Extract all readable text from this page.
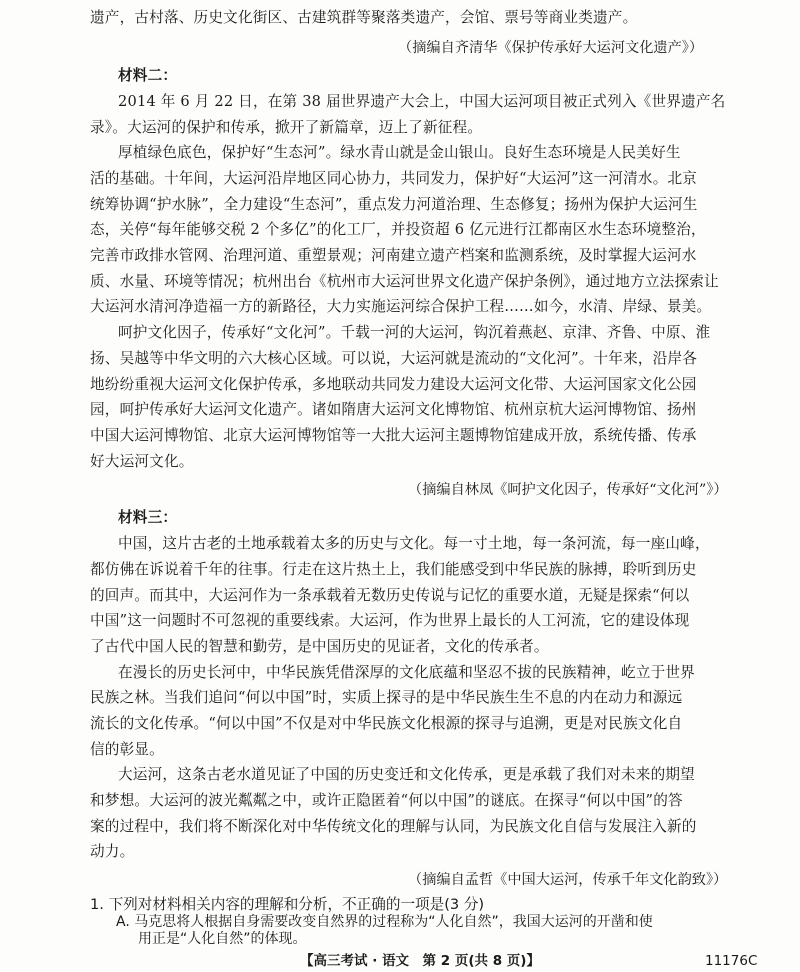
遗产，古村落、历史文化街区、古建筑群等聚落类遗产，会馆、票号等商业类遗产。
（摘编自齐清华《保护传承好大运河文化遗产》）
材料二：
2014 年 6 月 22 日，在第 38 届世界遗产大会上，中国大运河项目被正式列入《世界遗产名
录》。大运河的保护和传承，掀开了新篇章，迈上了新征程。
厚植绿色底色，保护好“生态河”。绿水青山就是金山银山。良好生态环境是人民美好生
活的基础。十年间，大运河沿岸地区同心协力，共同发力，保护好“大运河”这一河清水。北京
统筹协调“护水脉”，全力建设“生态河”，重点发力河道治理、生态修复；扬州为保护大运河生
态，关停“每年能够交税 2 个多亿”的化工厂，并投资超 6 亿元进行江都南区水生态环境整治，
完善市政排水管网、治理河道、重塑景观；河南建立遗产档案和监测系统，及时掌握大运河水
质、水量、环境等情况；杭州出台《杭州市大运河世界文化遗产保护条例》，通过地方立法探索让
大运河水清河净造福一方的新路径，大力实施运河综合保护工程……如今，水清、岸绿、景美。
呵护文化因子，传承好“文化河”。千载一河的大运河，钩沉着燕赵、京津、齐鲁、中原、淮
扬、吴越等中华文明的六大核心区域。可以说，大运河就是流动的“文化河”。十年来，沿岸各
地纷纷重视大运河文化保护传承，多地联动共同发力建设大运河文化带、大运河国家文化公园
园，呵护传承好大运河文化遗产。诸如隋唐大运河文化博物馆、杭州京杭大运河博物馆、扬州
中国大运河博物馆、北京大运河博物馆等一大批大运河主题博物馆建成开放，系统传播、传承
好大运河文化。
（摘编自林凤《呵护文化因子，传承好“文化河”》）
材料三：
中国，这片古老的土地承载着太多的历史与文化。每一寸土地，每一条河流，每一座山峰，
都仿佛在诉说着千年的往事。行走在这片热土上，我们能感受到中华民族的脉搏，聆听到历史
的回声。而其中，大运河作为一条承载着无数历史传说与记忆的重要水道，无疑是探索“何以
中国”这一问题时不可忽视的重要线索。大运河，作为世界上最长的人工河流，它的建设体现
了古代中国人民的智慧和勤劳，是中国历史的见证者，文化的传承者。
在漫长的历史长河中，中华民族凭借深厚的文化底蕴和坚忍不拔的民族精神，屹立于世界
民族之林。当我们追问“何以中国”时，实质上探寻的是中华民族生生不息的内在动力和源远
流长的文化传承。“何以中国”不仅是对中华民族文化根源的探寻与追溯，更是对民族文化自
信的彰显。
大运河，这条古老水道见证了中国的历史变迁和文化传承，更是承载了我们对未来的期望
和梦想。大运河的波光粼粼之中，或许正隐匿着“何以中国”的谜底。在探寻“何以中国”的答
案的过程中，我们将不断深化对中华传统文化的理解与认同，为民族文化自信与发展注入新的
动力。
（摘编自孟哲《中国大运河，传承千年文化韵致》）
1. 下列对材料相关内容的理解和分析，不正确的一项是(3 分)
A. 马克思将人根据自身需要改变自然界的过程称为“人化自然”，我国大运河的开凿和使
用正是“人化自然”的体现。
【高三考试 · 语文　第 2 页(共 8 页)】	11176C
